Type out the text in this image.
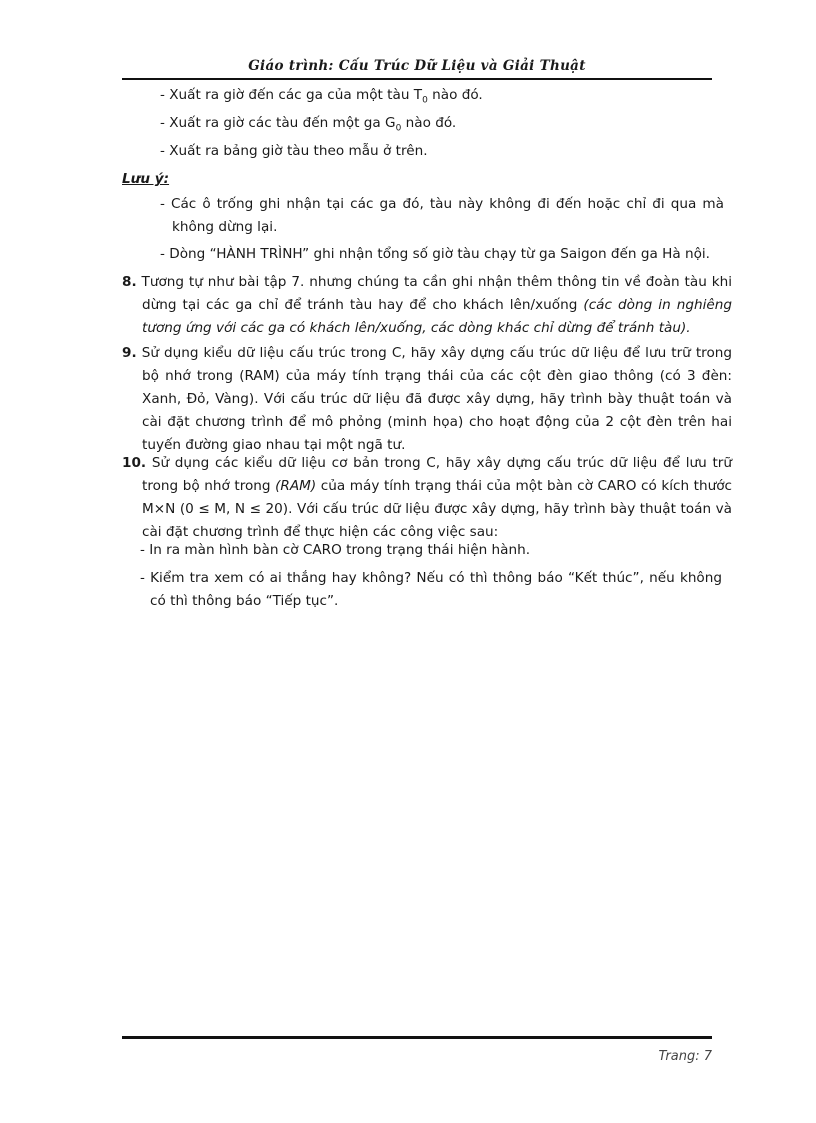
Giáo trình: Cấu Trúc Dữ Liệu và Giải Thuật
- Xuất ra giờ đến các ga của một tàu $T_0$ nào đó.
- Xuất ra giờ các tàu đến một ga $G_0$ nào đó.
- Xuất ra bảng giờ tàu theo mẫu ở trên.
Lưu ý:
- Các ô trống ghi nhận tại các ga đó, tàu này không đi đến hoặc chỉ đi qua mà không dừng lại.
- Dòng “HÀNH TRÌNH” ghi nhận tổng số giờ tàu chạy từ ga Saigon đến ga Hà nội.
8. Tương tự như bài tập 7. nhưng chúng ta cần ghi nhận thêm thông tin về đoàn tàu khi dừng tại các ga chỉ để tránh tàu hay để cho khách lên/xuống (các dòng in nghiêng tương ứng với các ga có khách lên/xuống, các dòng khác chỉ dừng để tránh tàu).
9. Sử dụng kiểu dữ liệu cấu trúc trong C, hãy xây dựng cấu trúc dữ liệu để lưu trữ trong bộ nhớ trong (RAM) của máy tính trạng thái của các cột đèn giao thông (có 3 đèn: Xanh, Đỏ, Vàng). Với cấu trúc dữ liệu đã được xây dựng, hãy trình bày thuật toán và cài đặt chương trình để mô phỏng (minh họa) cho hoạt động của 2 cột đèn trên hai tuyến đường giao nhau tại một ngã tư.
10. Sử dụng các kiểu dữ liệu cơ bản trong C, hãy xây dựng cấu trúc dữ liệu để lưu trữ trong bộ nhớ trong (RAM) của máy tính trạng thái của một bàn cờ CARO có kích thước M×N (0 ≤ M, N ≤ 20). Với cấu trúc dữ liệu được xây dựng, hãy trình bày thuật toán và cài đặt chương trình để thực hiện các công việc sau:
- In ra màn hình bàn cờ CARO trong trạng thái hiện hành.
- Kiểm tra xem có ai thắng hay không? Nếu có thì thông báo “Kết thúc”, nếu không có thì thông báo “Tiếp tục”.
Trang: 7
